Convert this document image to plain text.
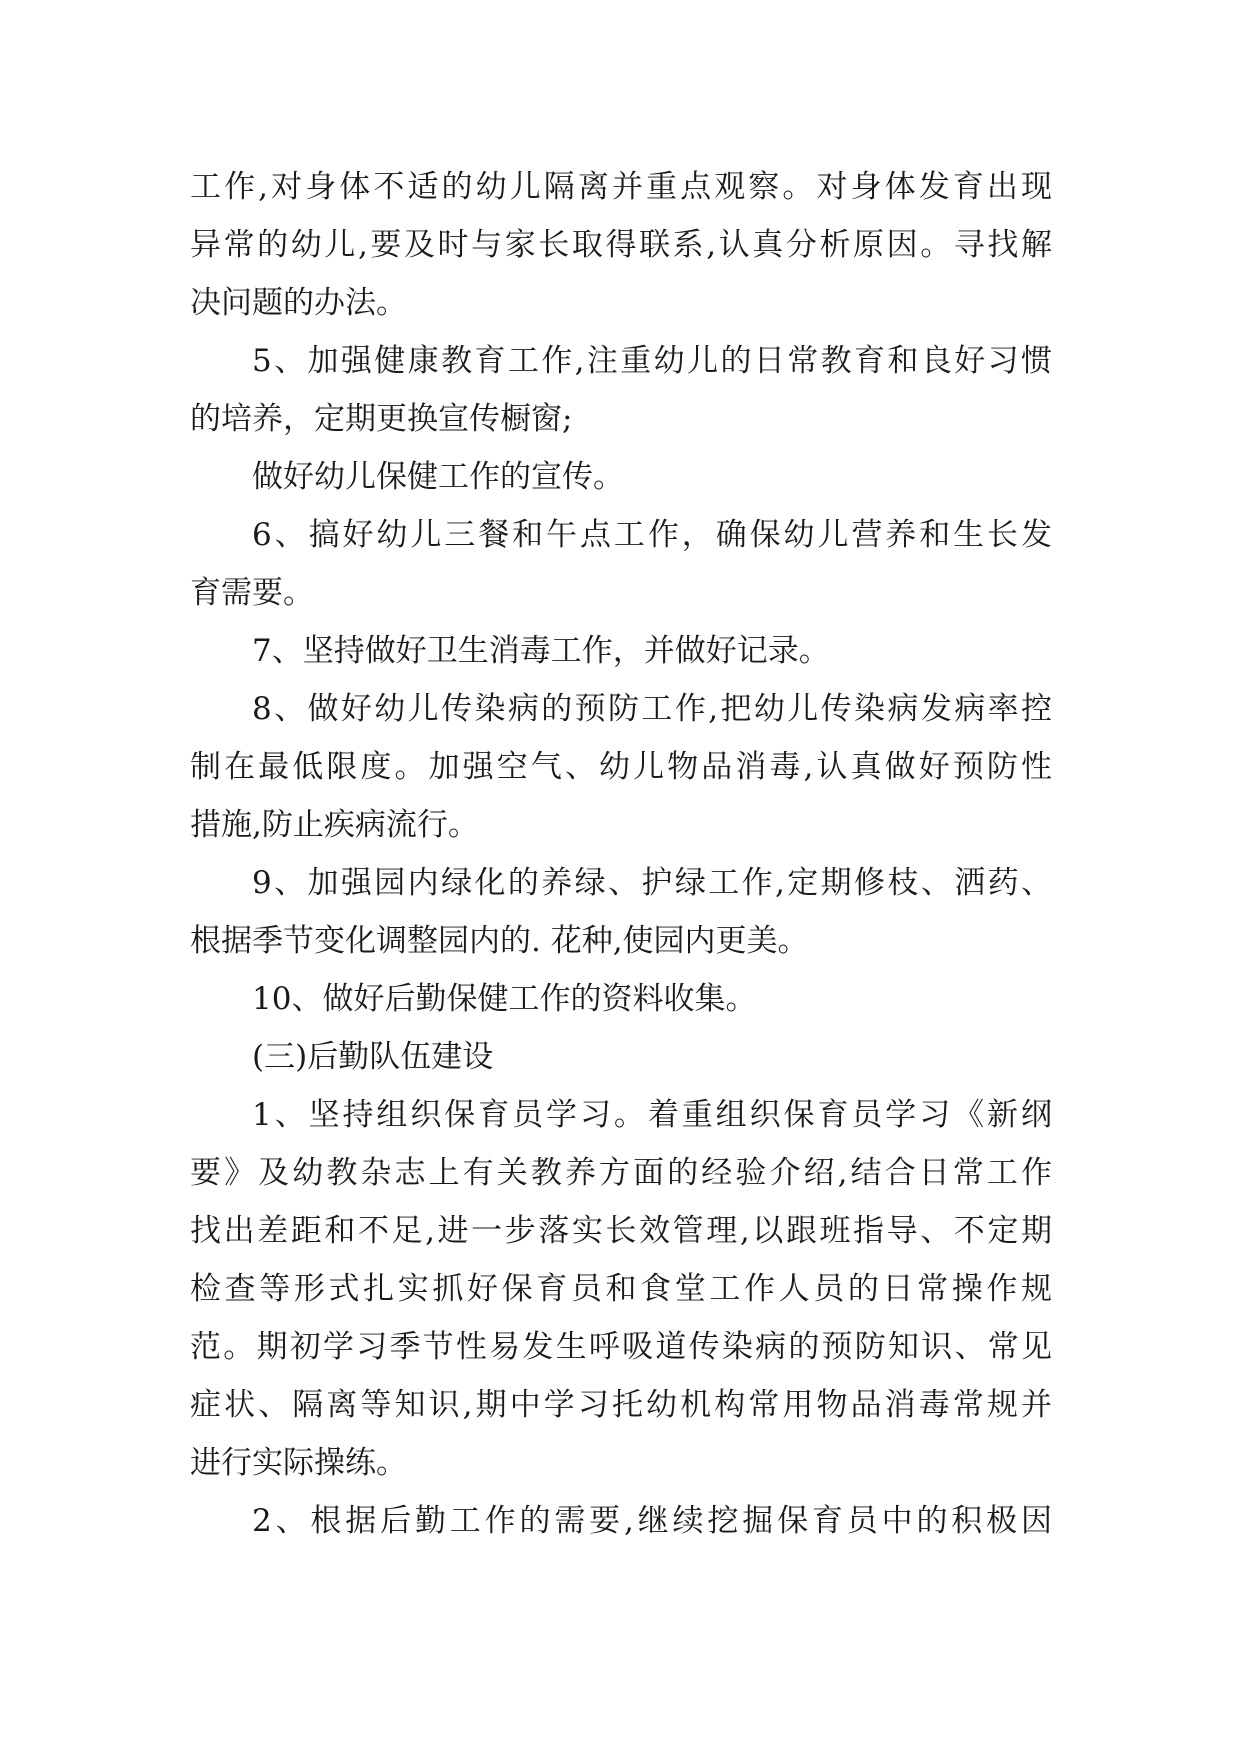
工作,对身体不适的幼儿隔离并重点观察。对身体发育出现
异常的幼儿,要及时与家长取得联系,认真分析原因。寻找解
决问题的办法。
5、加强健康教育工作,注重幼儿的日常教育和良好习惯
的培养，定期更换宣传橱窗;
做好幼儿保健工作的宣传。
6、搞好幼儿三餐和午点工作，确保幼儿营养和生长发
育需要。
7、坚持做好卫生消毒工作，并做好记录。
8、做好幼儿传染病的预防工作,把幼儿传染病发病率控
制在最低限度。加强空气、幼儿物品消毒,认真做好预防性
措施,防止疾病流行。
9、加强园内绿化的养绿、护绿工作,定期修枝、洒药、
根据季节变化调整园内的. 花种,使园内更美。
10、做好后勤保健工作的资料收集。
(三)后勤队伍建设
1、坚持组织保育员学习。着重组织保育员学习《新纲
要》及幼教杂志上有关教养方面的经验介绍,结合日常工作
找出差距和不足,进一步落实长效管理,以跟班指导、不定期
检查等形式扎实抓好保育员和食堂工作人员的日常操作规
范。期初学习季节性易发生呼吸道传染病的预防知识、常见
症状、隔离等知识,期中学习托幼机构常用物品消毒常规并
进行实际操练。
2、根据后勤工作的需要,继续挖掘保育员中的积极因
